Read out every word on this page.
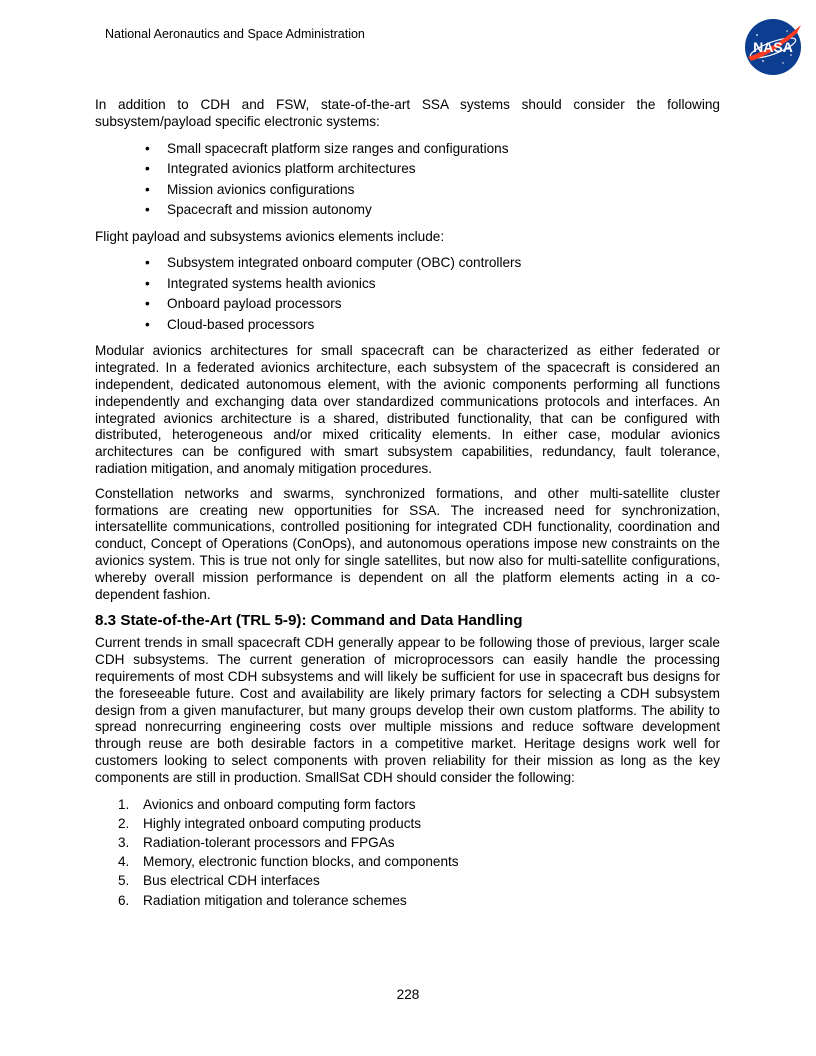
National Aeronautics and Space Administration
NASA

In addition to CDH and FSW, state-of-the-art SSA systems should consider the following subsystem/payload specific electronic systems:

• Small spacecraft platform size ranges and configurations
• Integrated avionics platform architectures
• Mission avionics configurations
• Spacecraft and mission autonomy

Flight payload and subsystems avionics elements include:

• Subsystem integrated onboard computer (OBC) controllers
• Integrated systems health avionics
• Onboard payload processors
• Cloud-based processors

Modular avionics architectures for small spacecraft can be characterized as either federated or integrated. In a federated avionics architecture, each subsystem of the spacecraft is considered an independent, dedicated autonomous element, with the avionic components performing all functions independently and exchanging data over standardized communications protocols and interfaces. An integrated avionics architecture is a shared, distributed functionality, that can be configured with distributed, heterogeneous and/or mixed criticality elements. In either case, modular avionics architectures can be configured with smart subsystem capabilities, redundancy, fault tolerance, radiation mitigation, and anomaly mitigation procedures.

Constellation networks and swarms, synchronized formations, and other multi-satellite cluster formations are creating new opportunities for SSA. The increased need for synchronization, intersatellite communications, controlled positioning for integrated CDH functionality, coordination and conduct, Concept of Operations (ConOps), and autonomous operations impose new constraints on the avionics system. This is true not only for single satellites, but now also for multi-satellite configurations, whereby overall mission performance is dependent on all the platform elements acting in a co-dependent fashion.

8.3 State-of-the-Art (TRL 5-9): Command and Data Handling

Current trends in small spacecraft CDH generally appear to be following those of previous, larger scale CDH subsystems. The current generation of microprocessors can easily handle the processing requirements of most CDH subsystems and will likely be sufficient for use in spacecraft bus designs for the foreseeable future. Cost and availability are likely primary factors for selecting a CDH subsystem design from a given manufacturer, but many groups develop their own custom platforms. The ability to spread nonrecurring engineering costs over multiple missions and reduce software development through reuse are both desirable factors in a competitive market. Heritage designs work well for customers looking to select components with proven reliability for their mission as long as the key components are still in production. SmallSat CDH should consider the following:

1. Avionics and onboard computing form factors
2. Highly integrated onboard computing products
3. Radiation-tolerant processors and FPGAs
4. Memory, electronic function blocks, and components
5. Bus electrical CDH interfaces
6. Radiation mitigation and tolerance schemes
228
